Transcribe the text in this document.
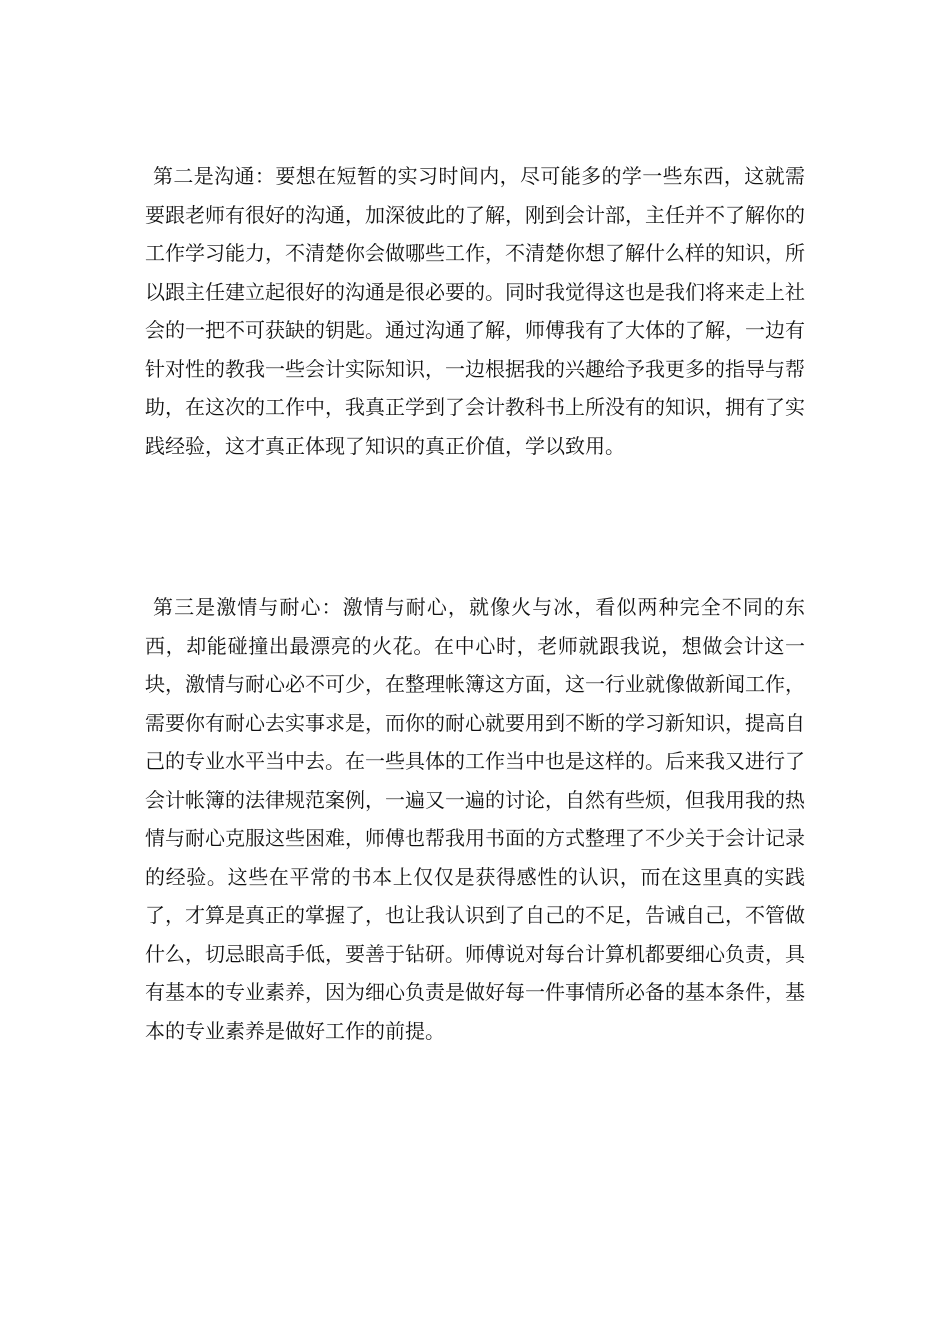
第二是沟通：要想在短暂的实习时间内，尽可能多的学一些东西，这就需要跟老师有很好的沟通，加深彼此的了解，刚到会计部，主任并不了解你的工作学习能力，不清楚你会做哪些工作，不清楚你想了解什么样的知识，所以跟主任建立起很好的沟通是很必要的。同时我觉得这也是我们将来走上社会的一把不可获缺的钥匙。通过沟通了解，师傅我有了大体的了解，一边有针对性的教我一些会计实际知识，一边根据我的兴趣给予我更多的指导与帮助，在这次的工作中，我真正学到了会计教科书上所没有的知识，拥有了实践经验，这才真正体现了知识的真正价值，学以致用。

第三是激情与耐心：激情与耐心，就像火与冰，看似两种完全不同的东西，却能碰撞出最漂亮的火花。在中心时，老师就跟我说，想做会计这一块，激情与耐心必不可少，在整理帐簿这方面，这一行业就像做新闻工作，需要你有耐心去实事求是，而你的耐心就要用到不断的学习新知识，提高自己的专业水平当中去。在一些具体的工作当中也是这样的。后来我又进行了会计帐簿的法律规范案例，一遍又一遍的讨论，自然有些烦，但我用我的热情与耐心克服这些困难，师傅也帮我用书面的方式整理了不少关于会计记录的经验。这些在平常的书本上仅仅是获得感性的认识，而在这里真的实践了，才算是真正的掌握了，也让我认识到了自己的不足，告诫自己，不管做什么，切忌眼高手低，要善于钻研。师傅说对每台计算机都要细心负责，具有基本的专业素养，因为细心负责是做好每一件事情所必备的基本条件，基本的专业素养是做好工作的前提。
